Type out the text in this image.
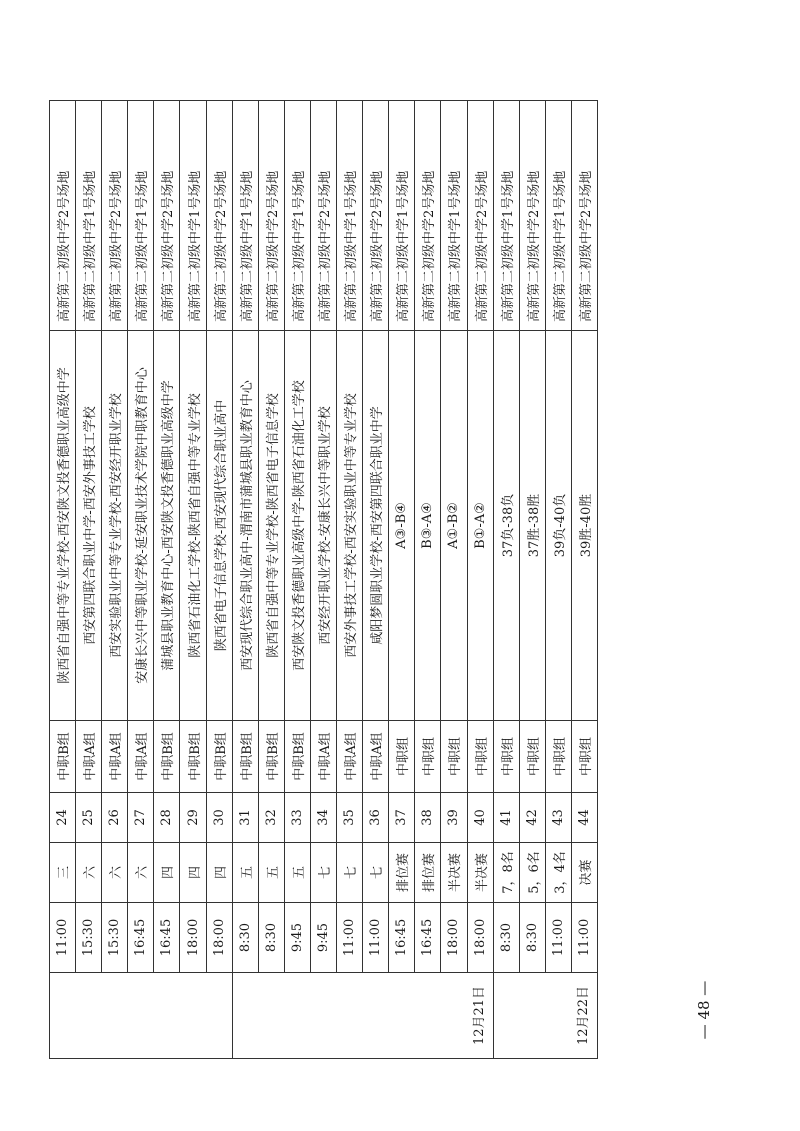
	11:00	三	24	中职B组	陕西省自强中等专业学校-西安陕文投香德职业高级中学	高新第二初级中学2号场地
	15:30	六	25	中职A组	西安第四联合职业中学-西安外事技工学校	高新第二初级中学1号场地
	15:30	六	26	中职A组	西安实验职业中等专业学校-西安经开职业学校	高新第二初级中学2号场地
	16:45	六	27	中职A组	安康长兴中等职业学校-延安职业技术学院中职教育中心	高新第二初级中学1号场地
	16:45	四	28	中职B组	蒲城县职业教育中心-西安陕文投香德职业高级中学	高新第二初级中学2号场地
	18:00	四	29	中职B组	陕西省石油化工学校-陕西省自强中等专业学校	高新第二初级中学1号场地
	18:00	四	30	中职B组	陕西省电子信息学校-西安现代综合职业高中	高新第二初级中学2号场地
12月21日	8:30	五	31	中职B组	西安现代综合职业高中-渭南市蒲城县职业教育中心	高新第二初级中学1号场地
	8:30	五	32	中职B组	陕西省自强中等专业学校-陕西省电子信息学校	高新第二初级中学2号场地
	9:45	五	33	中职B组	西安陕文投香德职业高级中学-陕西省石油化工学校	高新第二初级中学1号场地
	9:45	七	34	中职A组	西安经开职业学校-安康长兴中等职业学校	高新第二初级中学2号场地
	11:00	七	35	中职A组	西安外事技工学校-西安实验职业中等专业学校	高新第二初级中学1号场地
	11:00	七	36	中职A组	咸阳梦圆职业学校-西安第四联合职业中学	高新第二初级中学2号场地
	16:45	排位赛	37	中职组	A③-B④	高新第二初级中学1号场地
	16:45	排位赛	38	中职组	B③-A④	高新第二初级中学2号场地
	18:00	半决赛	39	中职组	A①-B②	高新第二初级中学1号场地
	18:00	半决赛	40	中职组	B①-A②	高新第二初级中学2号场地
12月22日	8:30	7，8名	41	中职组	37负-38负	高新第二初级中学1号场地
	8:30	5，6名	42	中职组	37胜-38胜	高新第二初级中学2号场地
	11:00	3，4名	43	中职组	39负-40负	高新第二初级中学1号场地
	11:00	决赛	44	中职组	39胜-40胜	高新第二初级中学2号场地
— 48 —
